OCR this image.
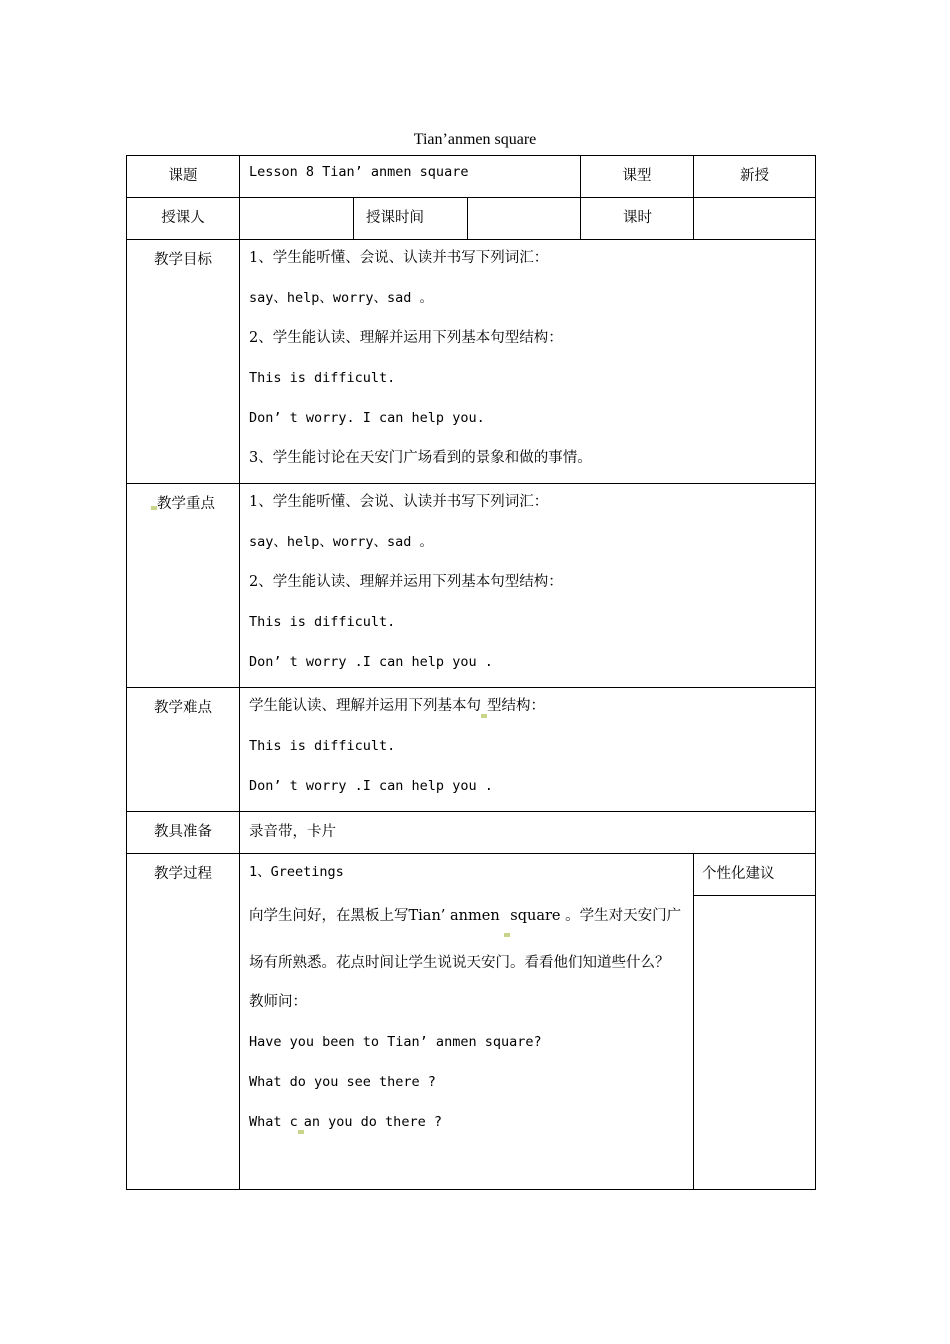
Tian’anmen square
课题	Lesson 8 Tian’ anmen square	课型	新授
授课人		授课时间		课时	
教学目标	1、学生能听懂、会说、认读并书写下列词汇：
say、help、worry、sad 。
2、学生能认读、理解并运用下列基本句型结构：
This is difficult.
Don’ t worry. I can help you.
3、学生能讨论在天安门广场看到的景象和做的事情。

教学重点	1、学生能听懂、会说、认读并书写下列词汇：
say、help、worry、sad 。
2、学生能认读、理解并运用下列基本句型结构：
This is difficult.
Don’ t worry .I can help you .

教学难点	学生能认读、理解并运用下列基本句 型结构：
This is difficult.
Don’ t worry .I can help you .

教具准备	录音带，卡片
教学过程	1、Greetings
向学生问好，在黑板上写Tian’ anmen square 。学生对天安门广场有所熟悉。花点时间让学生说说天安门。看看他们知道些什么？
教师问：
Have you been to Tian’ anmen square?
What do you see there ?
What c an you do there ?

个性化建议
